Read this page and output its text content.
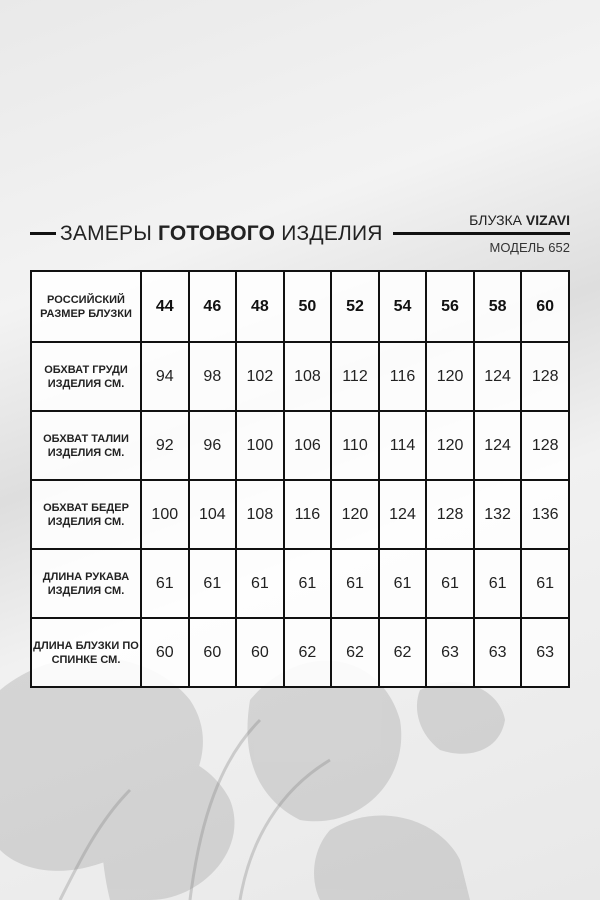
ЗАМЕРЫ ГОТОВОГО ИЗДЕЛИЯ
БЛУЗКА VIZAVI
МОДЕЛЬ 652
РОССИЙСКИЙ РАЗМЕР БЛУЗКИ	44	46	48	50	52	54	56	58	60
ОБХВАТ ГРУДИ ИЗДЕЛИЯ СМ.	94	98	102	108	112	116	120	124	128
ОБХВАТ ТАЛИИ ИЗДЕЛИЯ СМ.	92	96	100	106	110	114	120	124	128
ОБХВАТ БЕДЕР ИЗДЕЛИЯ СМ.	100	104	108	116	120	124	128	132	136
ДЛИНА РУКАВА ИЗДЕЛИЯ СМ.	61	61	61	61	61	61	61	61	61
ДЛИНА БЛУЗКИ ПО СПИНКЕ СМ.	60	60	60	62	62	62	63	63	63
